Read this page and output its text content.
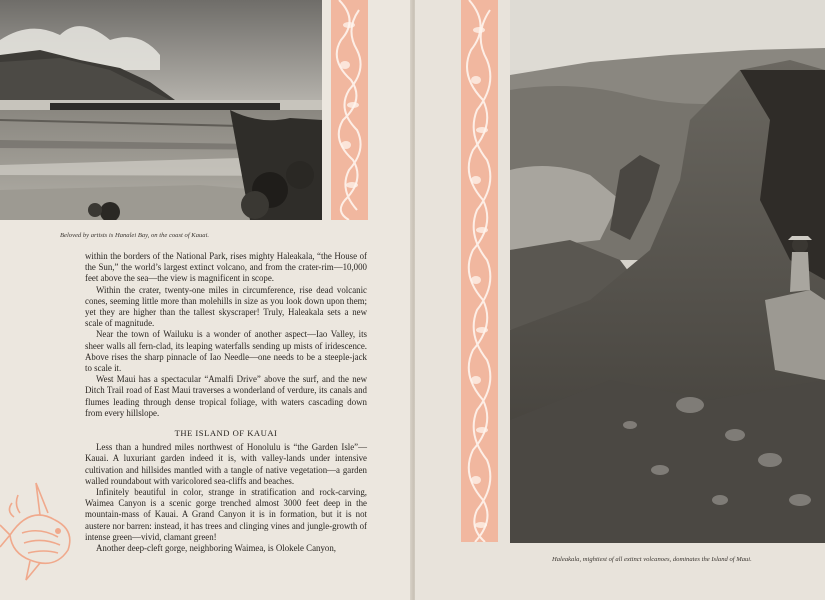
Beloved by artists is Hanalei Bay, on the coast of Kauai.

within the borders of the National Park, rises mighty Haleakala, “the House of the Sun,” the world’s largest extinct volcano, and from the crater-rim—10,000 feet above the sea—the view is magnificent in scope.

Within the crater, twenty-one miles in circumference, rise dead volcanic cones, seeming little more than molehills in size as you look down upon them; yet they are higher than the tallest skyscraper! Truly, Haleakala sets a new scale of magnitude.

Near the town of Wailuku is a wonder of another aspect—Iao Valley, its sheer walls all fern-clad, its leaping waterfalls sending up mists of iridescence. Above rises the sharp pinnacle of Iao Needle—one needs to be a steeple-jack to scale it.

West Maui has a spectacular “Amalfi Drive” above the surf, and the new Ditch Trail road of East Maui traverses a wonderland of verdure, its canals and flumes leading through dense tropical foliage, with waters cascading down from every hillslope.

THE ISLAND OF KAUAI

Less than a hundred miles northwest of Honolulu is “the Garden Isle”—Kauai. A luxuriant garden indeed it is, with valley-lands under intensive cultivation and hillsides mantled with a tangle of native vegetation—a garden walled roundabout with varicolored sea-cliffs and beaches.

Infinitely beautiful in color, strange in stratification and rock-carving, Waimea Canyon is a scenic gorge trenched almost 3000 feet deep in the mountain-mass of Kauai. A Grand Canyon it is in formation, but it is not austere nor barren: instead, it has trees and clinging vines and jungle-growth of intense green—vivid, clamant green!

Another deep-cleft gorge, neighboring Waimea, is Olokele Canyon,

Haleakala, mightiest of all extinct volcanoes, dominates the Island of Maui.
